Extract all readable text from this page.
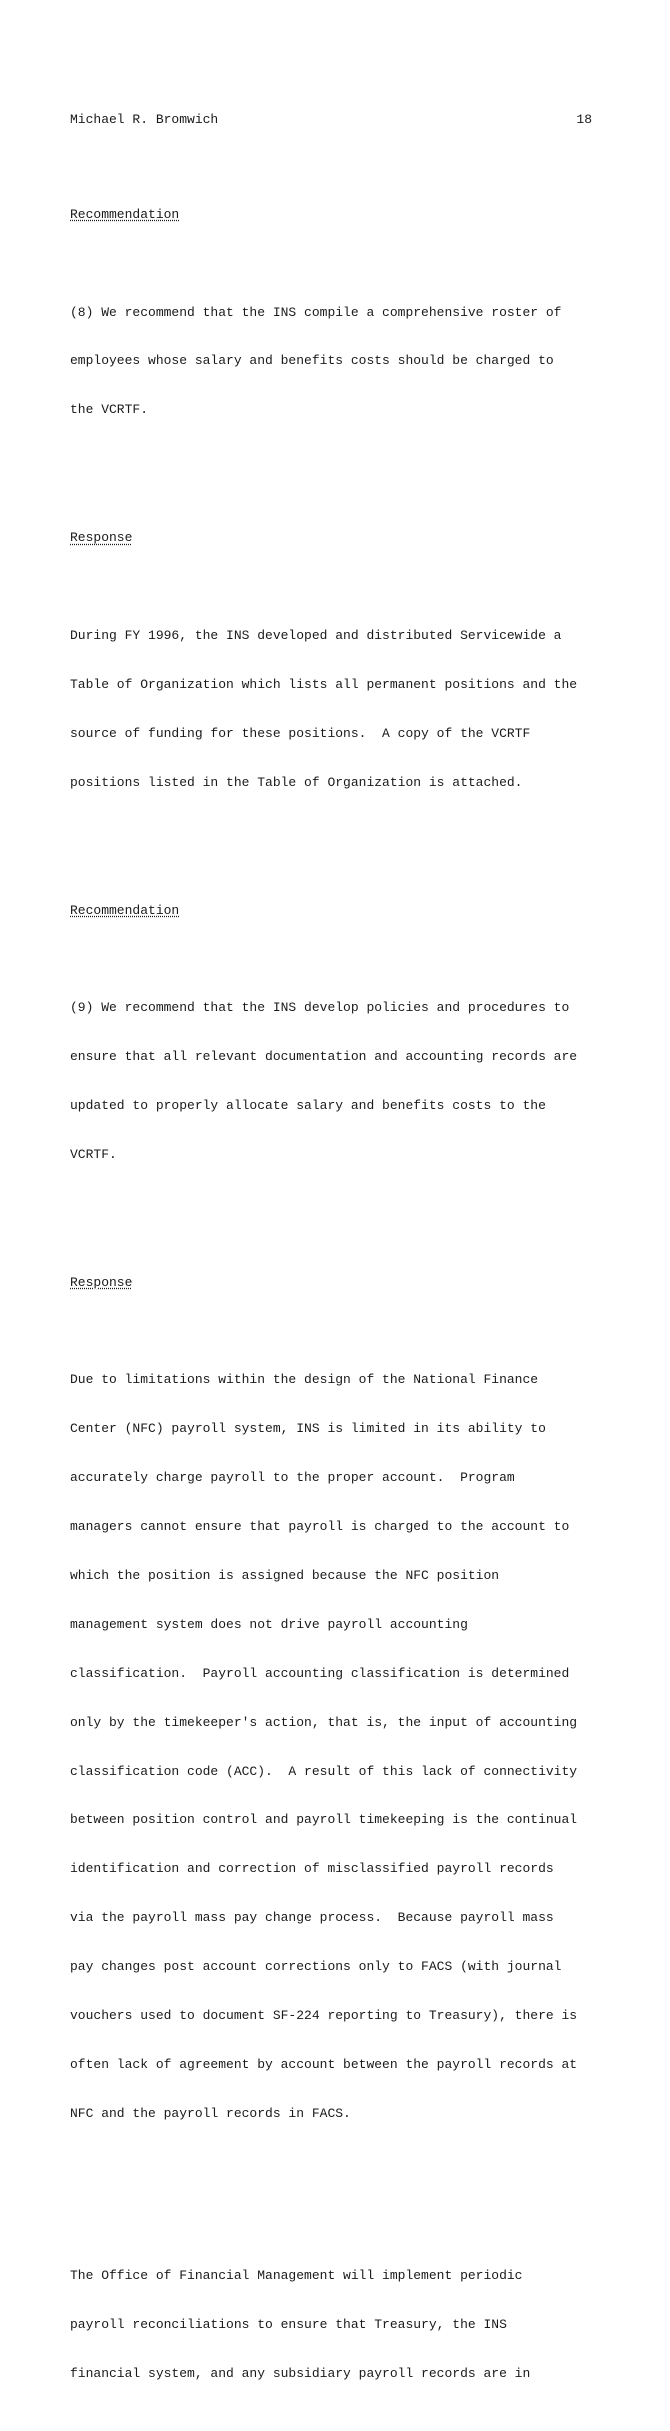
Michael R. Bromwich	18

Recommendation

(8) We recommend that the INS compile a comprehensive roster of

employees whose salary and benefits costs should be charged to

the VCRTF.

Response

During FY 1996, the INS developed and distributed Servicewide a

Table of Organization which lists all permanent positions and the

source of funding for these positions.  A copy of the VCRTF

positions listed in the Table of Organization is attached.

Recommendation

(9) We recommend that the INS develop policies and procedures to

ensure that all relevant documentation and accounting records are

updated to properly allocate salary and benefits costs to the

VCRTF.

Response

Due to limitations within the design of the National Finance

Center (NFC) payroll system, INS is limited in its ability to

accurately charge payroll to the proper account.  Program

managers cannot ensure that payroll is charged to the account to

which the position is assigned because the NFC position

management system does not drive payroll accounting

classification.  Payroll accounting classification is determined

only by the timekeeper's action, that is, the input of accounting

classification code (ACC).  A result of this lack of connectivity

between position control and payroll timekeeping is the continual

identification and correction of misclassified payroll records

via the payroll mass pay change process.  Because payroll mass

pay changes post account corrections only to FACS (with journal

vouchers used to document SF-224 reporting to Treasury), there is

often lack of agreement by account between the payroll records at

NFC and the payroll records in FACS.

The Office of Financial Management will implement periodic

payroll reconciliations to ensure that Treasury, the INS

financial system, and any subsidiary payroll records are in
